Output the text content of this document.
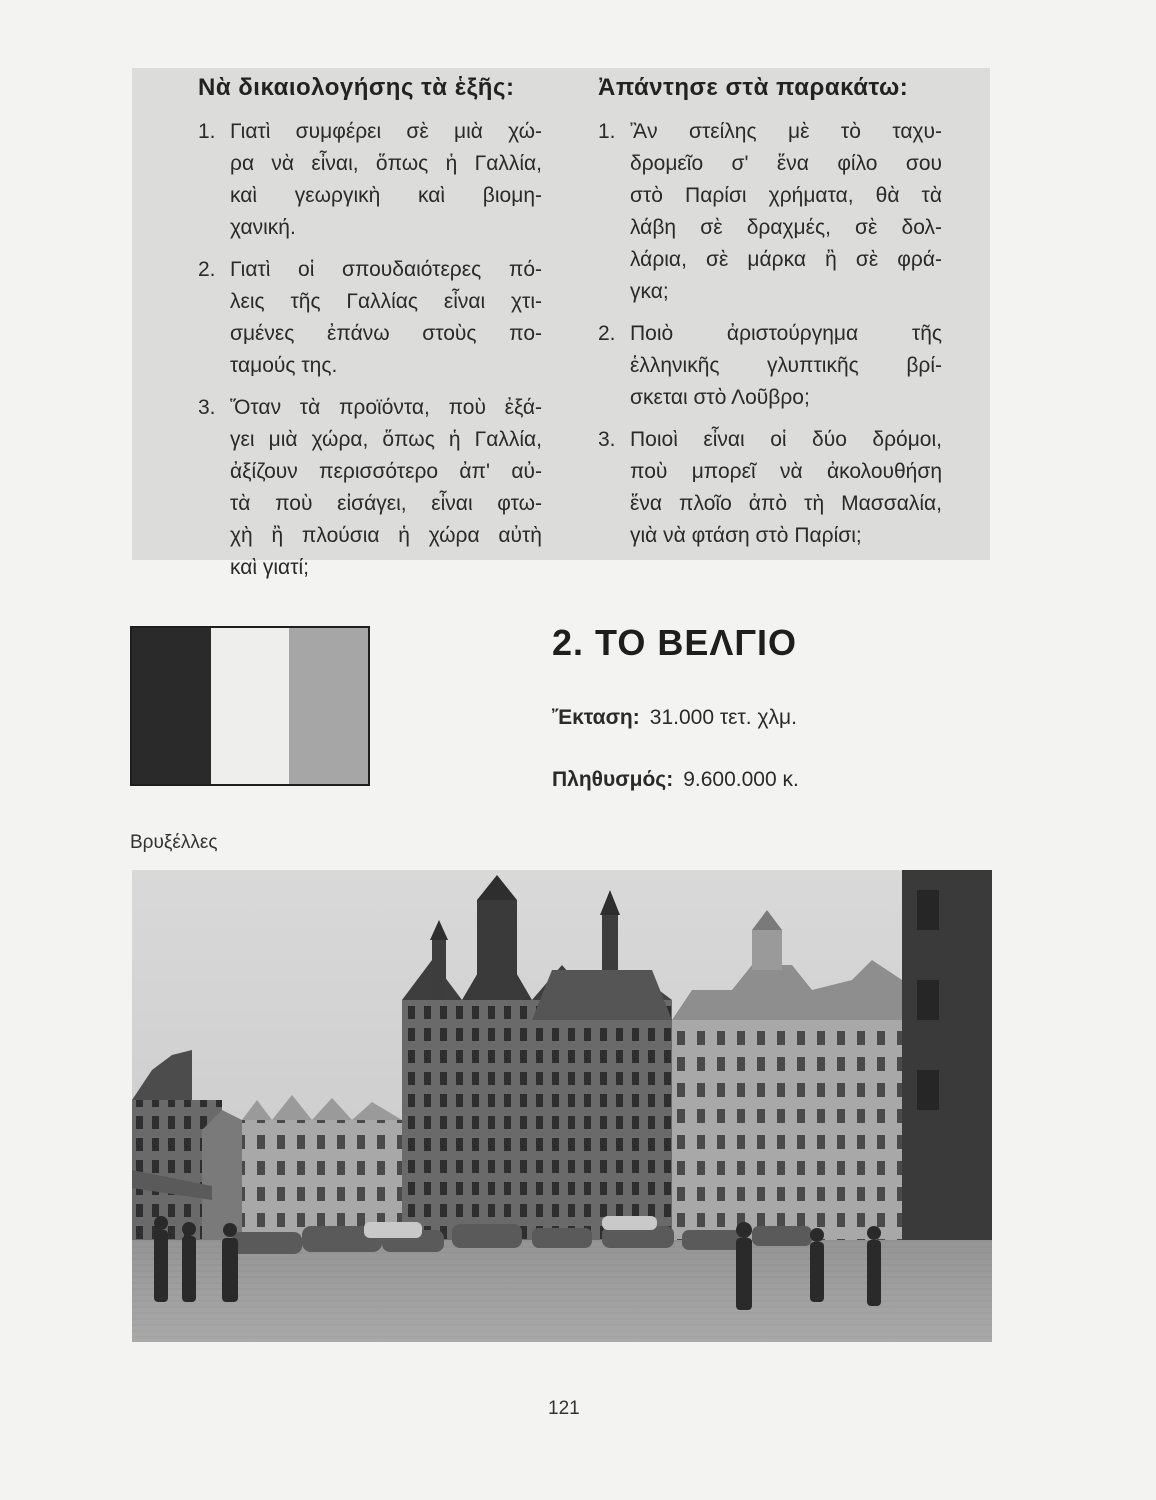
Νὰ δικαιολογήσης τὰ ἑξῆς:
1. Γιατὶ συμφέρει σὲ μιὰ χώ-
ρα νὰ εἶναι, ὅπως ἡ Γαλλία,
καὶ γεωργικὴ καὶ βιομη-
χανική.
2. Γιατὶ οἱ σπουδαιότερες πό-
λεις τῆς Γαλλίας εἶναι χτι-
σμένες ἐπάνω στοὺς πο-
ταμούς της.
3. Ὅταν τὰ προϊόντα, ποὺ ἐξά-
γει μιὰ χώρα, ὅπως ἡ Γαλλία,
ἀξίζουν περισσότερο ἀπ' αὐ-
τὰ ποὺ εἰσάγει, εἶναι φτω-
χὴ ἢ πλούσια ἡ χώρα αὐτὴ
καὶ γιατί;
Ἀπάντησε στὰ παρακάτω:
1. Ἂν στείλης μὲ τὸ ταχυ-
δρομεῖο σ' ἕνα φίλο σου
στὸ Παρίσι χρήματα, θὰ τὰ
λάβη σὲ δραχμές, σὲ δολ-
λάρια, σὲ μάρκα ἢ σὲ φρά-
γκα;
2. Ποιὸ ἀριστούργημα τῆς
ἑλληνικῆς γλυπτικῆς βρί-
σκεται στὸ Λοῦβρο;
3. Ποιοὶ εἶναι οἱ δύο δρόμοι,
ποὺ μπορεῖ νὰ ἀκολουθήση
ἕνα πλοῖο ἀπὸ τὴ Μασσαλία,
γιὰ νὰ φτάση στὸ Παρίσι;
2. ΤΟ ΒΕΛΓΙΟ
Ἔκταση: 31.000 τετ. χλμ.
Πληθυσμός: 9.600.000 κ.
Βρυξέλλες
121
